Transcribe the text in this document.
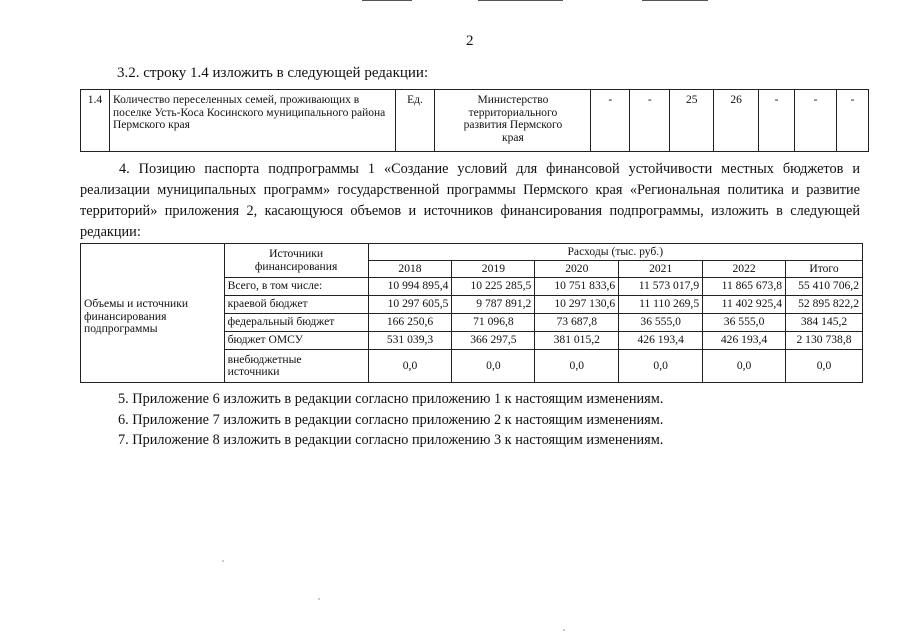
2
3.2. строку 1.4 изложить в следующей редакции:
1.4	Количество переселенных семей, проживающих в поселке Усть-Коса Косинского муниципального района Пермского края	Ед.	Министерство территориального развития Пермского края	-	-	25	26	-	-	-

4. Позицию паспорта подпрограммы 1 «Создание условий для финансовой устойчивости местных бюджетов и реализации муниципальных программ» государственной программы Пермского края «Региональная политика и развитие территорий» приложения 2, касающуюся объемов и источников финансирования подпрограммы, изложить в следующей редакции:

Объемы и источники финансирования подпрограммы	Источники финансирования	Расходы (тыс. руб.)					
		2018	2019	2020	2021	2022	Итого
	Всего, в том числе:	10 994 895,4	10 225 285,5	10 751 833,6	11 573 017,9	11 865 673,8	55 410 706,2
	краевой бюджет	10 297 605,5	9 787 891,2	10 297 130,6	11 110 269,5	11 402 925,4	52 895 822,2
	федеральный бюджет	166 250,6	71 096,8	73 687,8	36 555,0	36 555,0	384 145,2
	бюджет ОМСУ	531 039,3	366 297,5	381 015,2	426 193,4	426 193,4	2 130 738,8
	внебюджетные источники	0,0	0,0	0,0	0,0	0,0	0,0

5. Приложение 6 изложить в редакции согласно приложению 1 к настоящим изменениям.

6. Приложение 7 изложить в редакции согласно приложению 2 к настоящим изменениям.

7. Приложение 8 изложить в редакции согласно приложению 3 к настоящим изменениям.
